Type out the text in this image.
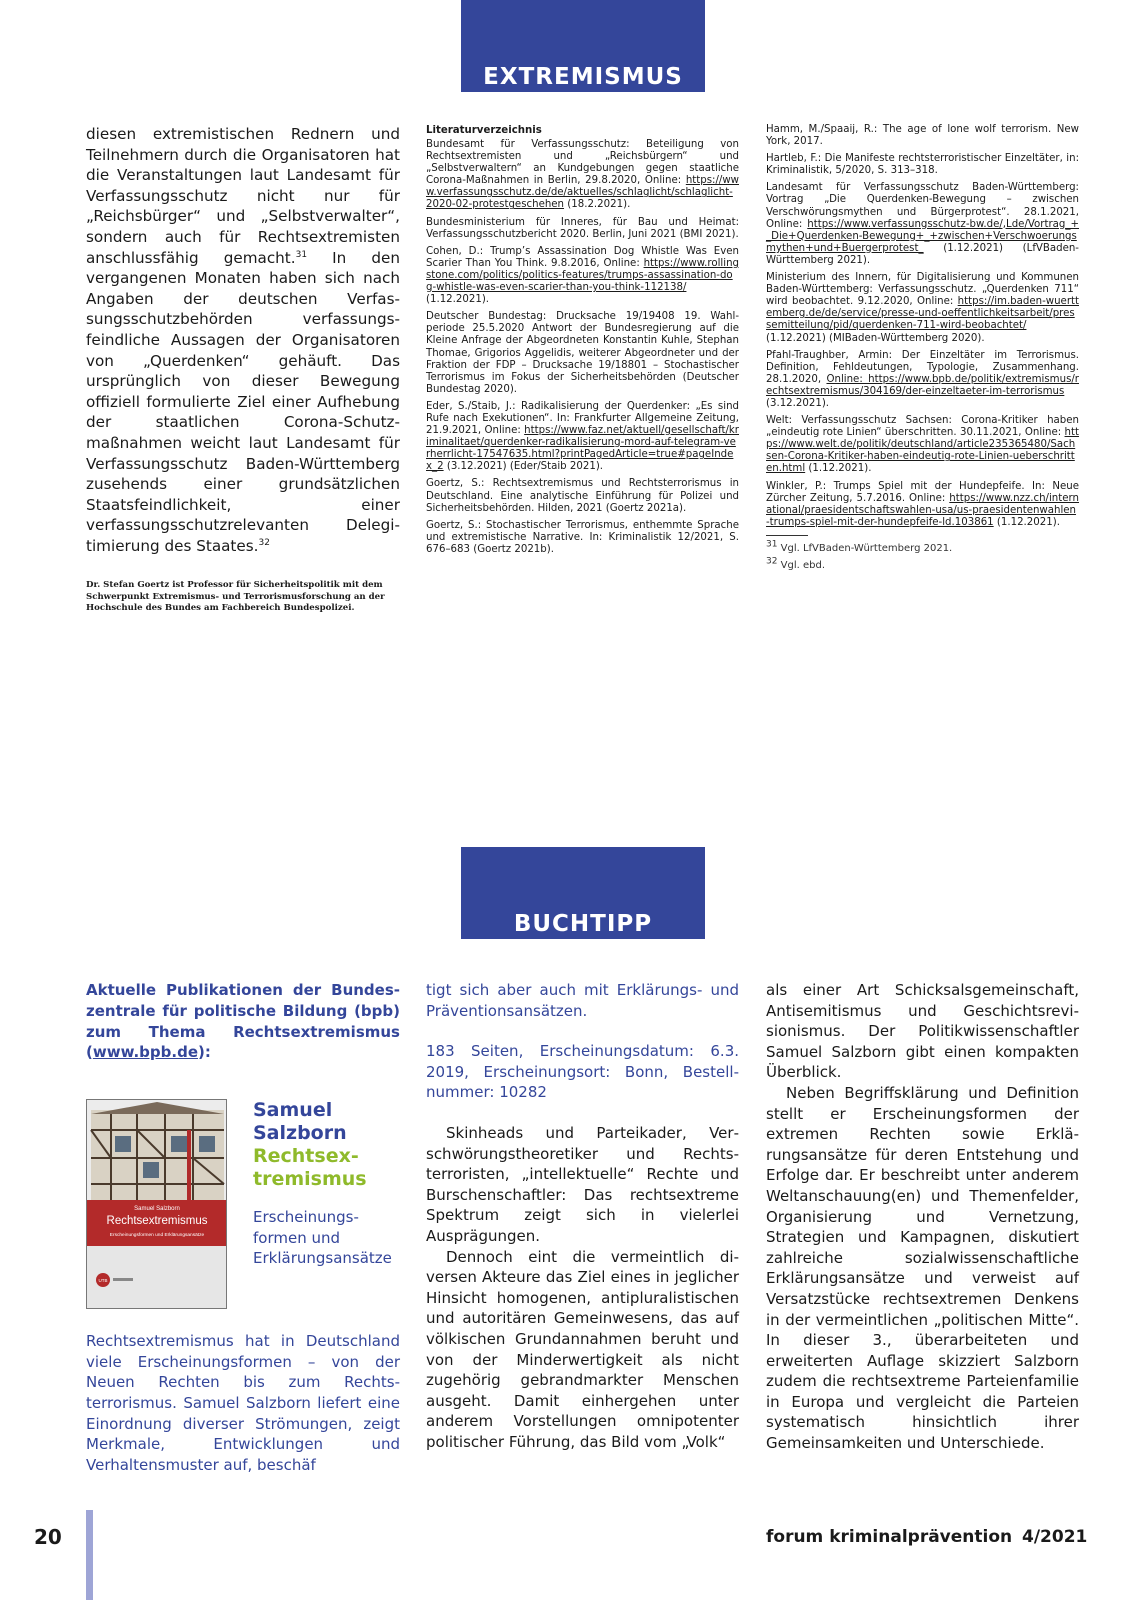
EXTREMISMUS

diesen extremistischen Rednern und Teilnehmern durch die Organisatoren hat die Veranstaltungen laut Landesamt für Verfassungsschutz nicht nur für „Reichsbürger“ und „Selbstverwalter“, sondern auch für Rechtsextremisten anschlussfähig gemacht.$^{31}$ In den vergangenen Monaten haben sich nach Angaben der deutschen Verfassungsschutzbehörden verfassungsfeindliche Aussagen der Organisatoren von „Querdenken“ gehäuft. Das ursprünglich von dieser Bewegung offiziell formulierte Ziel einer Aufhebung der staatlichen Corona-Schutzmaßnahmen weicht laut Landesamt für Verfassungsschutz Baden-Württemberg zusehends einer grundsätzlichen Staatsfeindlichkeit, einer verfassungsschutzrelevanten Delegitimierung des Staates.$^{32}$

Dr. Stefan Goertz ist Professor für Sicherheitspolitik mit dem Schwerpunkt Extremismus- und Terrorismusforschung an der Hochschule des Bundes am Fachbereich Bundespolizei.

Literaturverzeichnis

Bundesamt für Verfassungsschutz: Beteiligung von Rechtsextremisten und „Reichsbürgern“ und „Selbstverwaltern“ an Kundgebungen gegen staatliche Corona-Maßnahmen in Berlin, 29.8.2020, Online: https://www.verfassungsschutz.de/de/aktuelles/schlaglicht/schlaglicht-2020-02-protestgeschehen (18.2.2021).

Bundesministerium für Inneres, für Bau und Heimat: Verfassungsschutzbericht 2020. Berlin, Juni 2021 (BMI 2021).

Cohen, D.: Trump’s Assassination Dog Whistle Was Even Scarier Than You Think. 9.8.2016, Online: https://www.rollingstone.com/politics/politics-features/trumps-assassination-dog-whistle-was-even-scarier-than-you-think-112138/ (1.12.2021).

Deutscher Bundestag: Drucksache 19/19408 19. Wahlperiode 25.5.2020 Antwort der Bundesregierung auf die Kleine Anfrage der Abgeordneten Konstantin Kuhle, Stephan Thomae, Grigorios Aggelidis, weiterer Abgeordneter und der Fraktion der FDP – Drucksache 19/18801 – Stochastischer Terrorismus im Fokus der Sicherheitsbehörden (Deutscher Bundestag 2020).

Eder, S./Staib, J.: Radikalisierung der Querdenker: „Es sind Rufe nach Exekutionen“. In: Frankfurter Allgemeine Zeitung, 21.9.2021, Online: https://www.faz.net/aktuell/gesellschaft/kriminalitaet/querdenker-radikalisierung-mord-auf-telegram-verherrlicht-17547635.html?printPagedArticle=true#pageIndex_2 (3.12.2021) (Eder/Staib 2021).

Goertz, S.: Rechtsextremismus und Rechtsterrorismus in Deutschland. Eine analytische Einführung für Polizei und Sicherheitsbehörden. Hilden, 2021 (Goertz 2021a).

Goertz, S.: Stochastischer Terrorismus, enthemmte Sprache und extremistische Narrative. In: Kriminalistik 12/2021, S. 676–683 (Goertz 2021b).

Hamm, M./Spaaij, R.: The age of lone wolf terrorism. New York, 2017.

Hartleb, F.: Die Manifeste rechtsterroristischer Einzeltäter, in: Kriminalistik, 5/2020, S. 313–318.

Landesamt für Verfassungsschutz Baden-Württemberg: Vortrag „Die Querdenken-Bewegung – zwischen Verschwörungsmythen und Bürgerprotest“. 28.1.2021, Online: https://www.verfassungsschutz-bw.de/,Lde/Vortrag_+_Die+Querdenken-Bewegung+_+zwischen+Verschwoerungsmythen+und+Buergerprotest_ (1.12.2021) (LfVBaden-Württemberg 2021).

Ministerium des Innern, für Digitalisierung und Kommunen Baden-Württemberg: Verfassungsschutz. „Querdenken 711“ wird beobachtet. 9.12.2020, Online: https://im.baden-wuerttemberg.de/de/service/presse-und-oeffentlichkeitsarbeit/pressemitteilung/pid/querdenken-711-wird-beobachtet/ (1.12.2021) (MIBaden-Württemberg 2020).

Pfahl-Traughber, Armin: Der Einzeltäter im Terrorismus. Definition, Fehldeutungen, Typologie, Zusammenhang. 28.1.2020, Online: https://www.bpb.de/politik/extremismus/rechtsextremismus/304169/der-einzeltaeter-im-terrorismus (3.12.2021).

Welt: Verfassungsschutz Sachsen: Corona-Kritiker haben „eindeutig rote Linien“ überschritten. 30.11.2021, Online: https://www.welt.de/politik/deutschland/article235365480/Sachsen-Corona-Kritiker-haben-eindeutig-rote-Linien-ueberschritten.html (1.12.2021).

Winkler, P.: Trumps Spiel mit der Hundepfeife. In: Neue Zürcher Zeitung, 5.7.2016. Online: https://www.nzz.ch/international/praesidentschaftswahlen-usa/us-praesidentenwahlen-trumps-spiel-mit-der-hundepfeife-ld.103861 (1.12.2021).

31 Vgl. LfVBaden-Württemberg 2021.
32 Vgl. ebd.
BUCHTIPP

Aktuelle Publikationen der Bundeszentrale für politische Bildung (bpb) zum Thema Rechtsextremismus (www.bpb.de):

Samuel Salzborn
Rechtsextremismus
Erscheinungsformen und Erklärungsansätze
UTB
Samuel Salzborn
Rechtsextremismus
Erscheinungsformen und Erklärungsansätze

Rechtsextremismus hat in Deutschland viele Erscheinungsformen – von der Neuen Rechten bis zum Rechtsterrorismus. Samuel Salzborn liefert eine Einordnung diverser Strömungen, zeigt Merkmale, Entwicklungen und Verhaltensmuster auf, beschäf

tigt sich aber auch mit Erklärungs- und Präventionsansätzen.

183 Seiten, Erscheinungsdatum: 6.3. 2019, Erscheinungsort: Bonn, Bestellnummer: 10282

Skinheads und Parteikader, Verschwörungstheoretiker und Rechtsterroristen, „intellektuelle“ Rechte und Burschenschaftler: Das rechtsextreme Spektrum zeigt sich in vielerlei Ausprägungen.

Dennoch eint die vermeintlich diversen Akteure das Ziel eines in jeglicher Hinsicht homogenen, antipluralistischen und autoritären Gemeinwesens, das auf völkischen Grundannahmen beruht und von der Minderwertigkeit als nicht zugehörig gebrandmarkter Menschen ausgeht. Damit einhergehen unter anderem Vorstellungen omnipotenter politischer Führung, das Bild vom „Volk“

als einer Art Schicksalsgemeinschaft, Antisemitismus und Geschichtsrevisionismus. Der Politikwissenschaftler Samuel Salzborn gibt einen kompakten Überblick.

Neben Begriffsklärung und Definition stellt er Erscheinungsformen der extremen Rechten sowie Erklärungsansätze für deren Entstehung und Erfolge dar. Er beschreibt unter anderem Weltanschauung(en) und Themenfelder, Organisierung und Vernetzung, Strategien und Kampagnen, diskutiert zahlreiche sozialwissenschaftliche Erklärungsansätze und verweist auf Versatzstücke rechtsextremen Denkens in der vermeintlichen „politischen Mitte“. In dieser 3., überarbeiteten und erweiterten Auflage skizziert Salzborn zudem die rechtsextreme Parteienfamilie in Europa und vergleicht die Parteien systematisch hinsichtlich ihrer Gemeinsamkeiten und Unterschiede.

20	forum kriminalprävention 4/2021
